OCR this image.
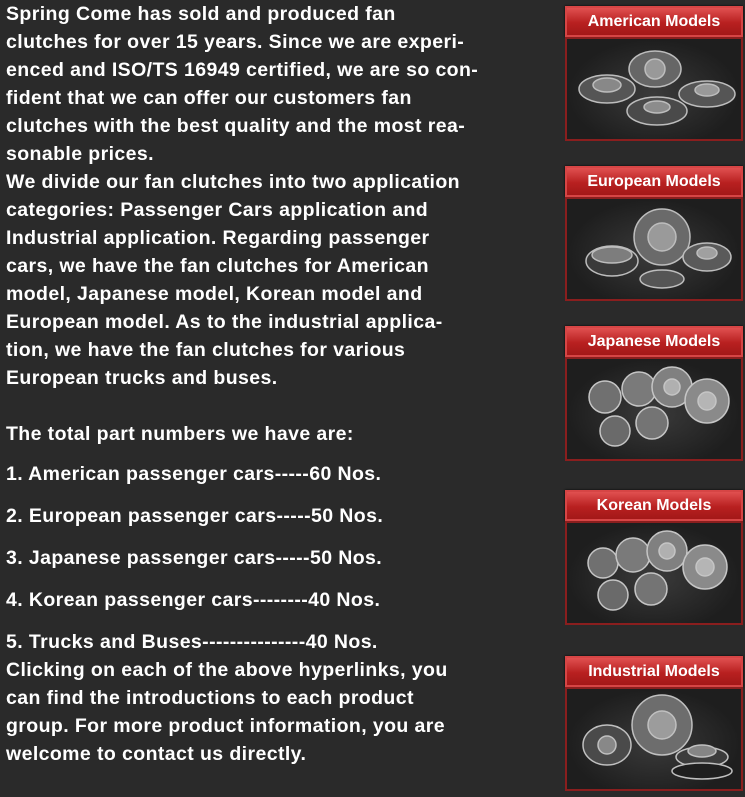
Spring Come has sold and produced fan
clutches for over 15 years. Since we are experi-
enced and ISO/TS 16949 certified, we are so con-
fident that we can offer our customers fan
clutches with the best quality and the most rea-
sonable prices.
We divide our fan clutches into two application
categories: Passenger Cars application and
Industrial application. Regarding passenger
cars, we have the fan clutches for American
model, Japanese model, Korean model and
European model. As to the industrial applica-
tion, we have the fan clutches for various
European trucks and buses.

The total part numbers we have are:

1. American passenger cars-----60 Nos.
2. European passenger cars-----50 Nos.
3. Japanese passenger cars-----50 Nos.
4. Korean passenger cars--------40 Nos.
5. Trucks and Buses---------------40 Nos.

Clicking on each of the above hyperlinks, you
can find the introductions to each product
group. For more product information, you are
welcome to contact us directly.

American Models
European Models
Japanese Models
Korean Models
Industrial Models
